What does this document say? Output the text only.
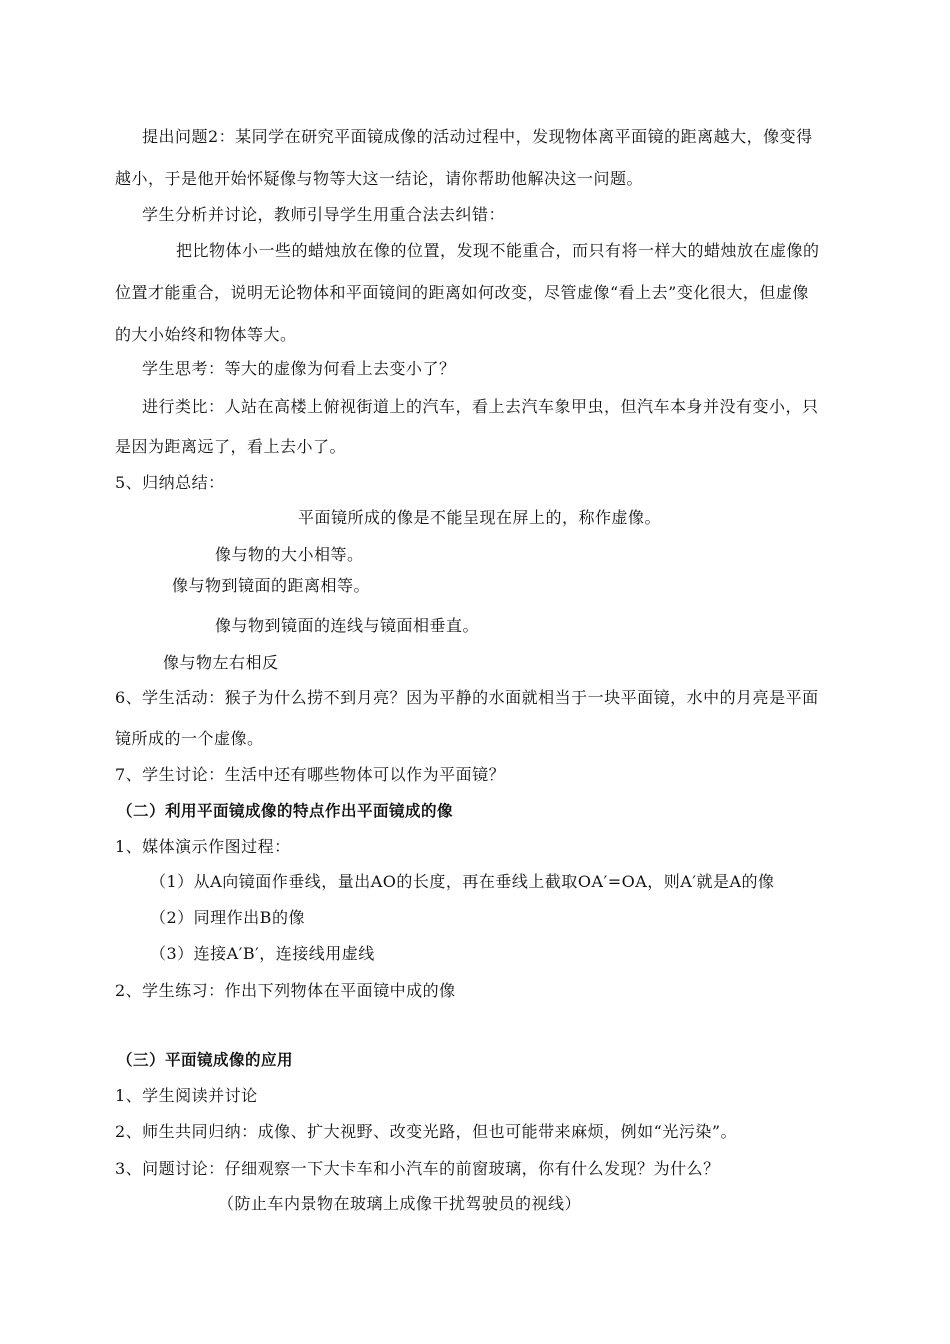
提出问题2：某同学在研究平面镜成像的活动过程中，发现物体离平面镜的距离越大，像变得
越小，于是他开始怀疑像与物等大这一结论，请你帮助他解决这一问题。
学生分析并讨论，教师引导学生用重合法去纠错：
把比物体小一些的蜡烛放在像的位置，发现不能重合，而只有将一样大的蜡烛放在虚像的
位置才能重合，说明无论物体和平面镜间的距离如何改变，尽管虚像“看上去”变化很大，但虚像
的大小始终和物体等大。
学生思考：等大的虚像为何看上去变小了？
进行类比：人站在高楼上俯视街道上的汽车，看上去汽车象甲虫，但汽车本身并没有变小，只
是因为距离远了，看上去小了。
5、归纳总结：
平面镜所成的像是不能呈现在屏上的，称作虚像。
像与物的大小相等。
像与物到镜面的距离相等。
像与物到镜面的连线与镜面相垂直。
像与物左右相反
6、学生活动：猴子为什么捞不到月亮？因为平静的水面就相当于一块平面镜，水中的月亮是平面
镜所成的一个虚像。
7、学生讨论：生活中还有哪些物体可以作为平面镜？
（二）利用平面镜成像的特点作出平面镜成的像
1、媒体演示作图过程：
（1）从A向镜面作垂线，量出AO的长度，再在垂线上截取OA′=OA，则A′就是A的像
（2）同理作出B的像
（3）连接A′B′，连接线用虚线
2、学生练习：作出下列物体在平面镜中成的像
（三）平面镜成像的应用
1、学生阅读并讨论
2、师生共同归纳：成像、扩大视野、改变光路，但也可能带来麻烦，例如“光污染”。
3、问题讨论：仔细观察一下大卡车和小汽车的前窗玻璃，你有什么发现？为什么？
（防止车内景物在玻璃上成像干扰驾驶员的视线）
